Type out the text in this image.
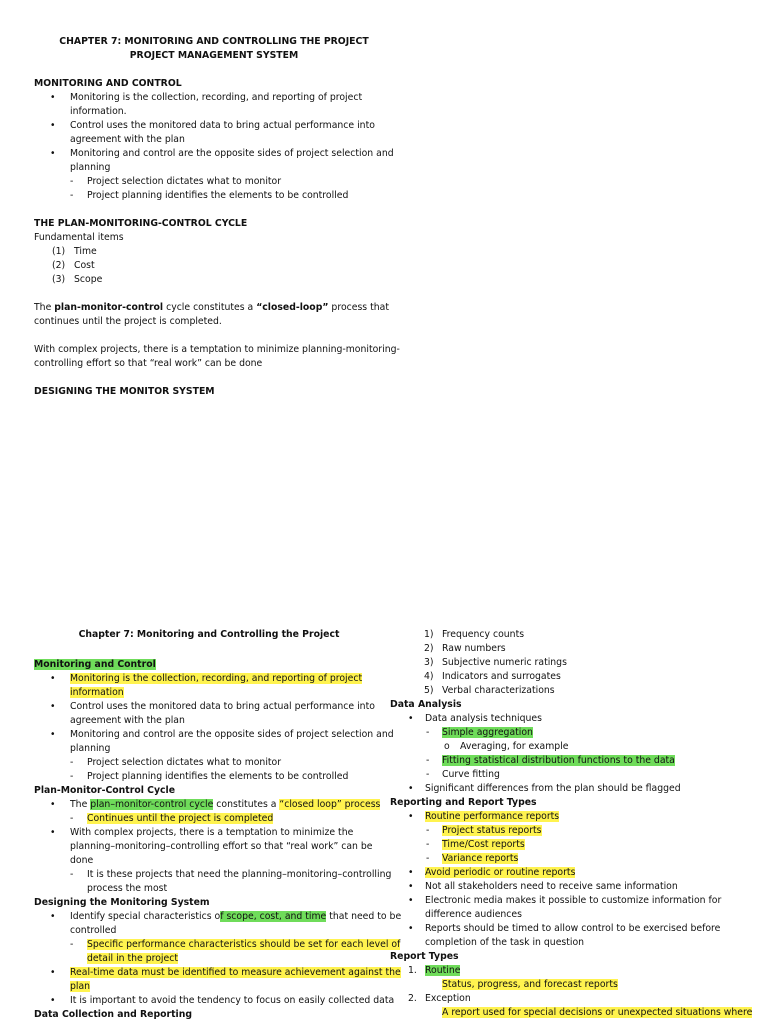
CHAPTER 7: MONITORING AND CONTROLLING THE PROJECT
PROJECT MANAGEMENT SYSTEM
MONITORING AND CONTROL
• Monitoring is the collection, recording, and reporting of project
information.
• Control uses the monitored data to bring actual performance into
agreement with the plan
• Monitoring and control are the opposite sides of project selection and
planning
- Project selection dictates what to monitor
- Project planning identifies the elements to be controlled
THE PLAN-MONITORING-CONTROL CYCLE
Fundamental items
(1) Time
(2) Cost
(3) Scope
The plan-monitor-control cycle constitutes a “closed-loop” process that
continues until the project is completed.
With complex projects, there is a temptation to minimize planning-monitoring-
controlling effort so that “real work” can be done
DESIGNING THE MONITOR SYSTEM
Chapter 7: Monitoring and Controlling the Project
Monitoring and Control
• Monitoring is the collection, recording, and reporting of project
information
• Control uses the monitored data to bring actual performance into
agreement with the plan
• Monitoring and control are the opposite sides of project selection and
planning
- Project selection dictates what to monitor
- Project planning identifies the elements to be controlled
Plan-Monitor-Control Cycle
• The plan–monitor-control cycle constitutes a “closed loop” process
- Continues until the project is completed
• With complex projects, there is a temptation to minimize the
planning–monitoring–controlling effort so that “real work” can be
done
- It is these projects that need the planning–monitoring–controlling
process the most
Designing the Monitoring System
• Identify special characteristics of scope, cost, and time that need to be
controlled
- Specific performance characteristics should be set for each level of
detail in the project
• Real-time data must be identified to measure achievement against the
plan
• It is important to avoid the tendency to focus on easily collected data
Data Collection and Reporting
1) Frequency counts
2) Raw numbers
3) Subjective numeric ratings
4) Indicators and surrogates
5) Verbal characterizations
Data Analysis
• Data analysis techniques
- Simple aggregation
o Averaging, for example
- Fitting statistical distribution functions to the data
- Curve fitting
• Significant differences from the plan should be flagged
Reporting and Report Types
• Routine performance reports
- Project status reports
- Time/Cost reports
- Variance reports
• Avoid periodic or routine reports
• Not all stakeholders need to receive same information
• Electronic media makes it possible to customize information for
difference audiences
• Reports should be timed to allow control to be exercised before
completion of the task in question
Report Types
1. Routine
Status, progress, and forecast reports
2. Exception
A report used for special decisions or unexpected situations where
